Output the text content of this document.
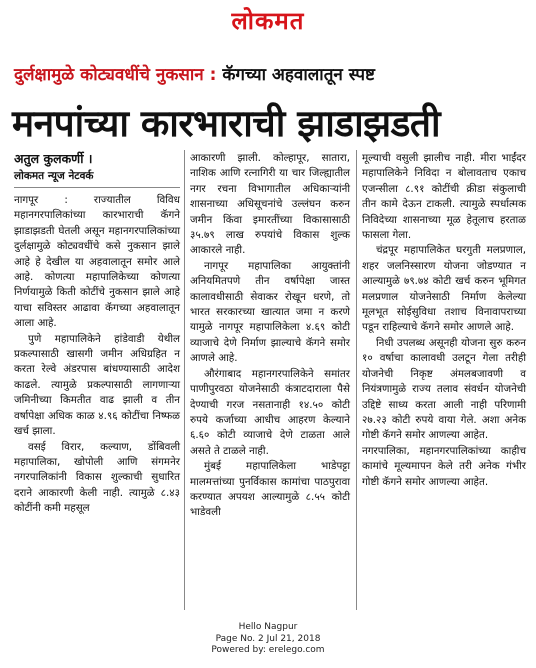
लोकमत
दुर्लक्षामुळे कोट्यवधींचे नुकसान : कॅगच्या अहवालातून स्पष्ट
मनपांच्या कारभाराची झाडाझडती
अतुल कुलकर्णी ।
लोकमत न्यूज नेटवर्क

नागपूर : राज्यातील विविध महानगरपालिकांच्या कारभाराची कॅगने झाडाझडती घेतली असून महानगरपालिकांच्या दुर्लक्षामुळे कोट्यवधींचे कसे नुकसान झाले आहे हे देखील या अहवालातून समोर आले आहे. कोणत्या महापालिकेच्या कोणत्या निर्णयामुळे किती कोटींचे नुकसान झाले आहे याचा सविस्तर आढावा कॅगच्या अहवालातून आला आहे.

पुणे महापालिकेने हांडेवाडी येथील प्रकल्पासाठी खासगी जमीन अधिग्रहित न करता रेल्वे अंडरपास बांधण्यासाठी आदेश काढले. त्यामुळे प्रकल्पासाठी लागणाऱ्या जमिनीच्या किमतीत वाढ झाली व तीन वर्षापेक्षा अधिक काळ ४.९६ कोटींचा निष्फळ खर्च झाला.

वसई विरार, कल्याण, डोंबिवली महापालिका, खोपोली आणि संगमनेर नगरपालिकांनी विकास शुल्काची सुधारित दराने आकारणी केली नाही. त्यामुळे ८.४३ कोटींनी कमी महसूल

आकारणी झाली. कोल्हापूर, सातारा, नाशिक आणि रत्नागिरी या चार जिल्ह्यातील नगर रचना विभागातील अधिकाऱ्यांनी शासनाच्या अधिसूचनांचे उल्लंघन करुन जमीन किंवा इमारतींच्या विकासासाठी ३५.७९ लाख रुपयांचे विकास शुल्क आकारले नाही.

नागपूर महापालिका आयुक्तांनी अनियमितपणे तीन वर्षापेक्षा जास्त कालावधीसाठी सेवाकर रोखून धरणे, तो भारत सरकारच्या खात्यात जमा न करणे यामुळे नागपूर महापालिकेला ४.६९ कोटी व्याजाचे देणे निर्माण झाल्याचे कॅगने समोर आणले आहे.

औरंगाबाद महानगरपालिकेने समांतर पाणीपुरवठा योजनेसाठी कंत्राटदाराला पैसे देण्याची गरज नसतानाही १४.५० कोटी रुपये कर्जाच्या आधीच आहरण केल्याने ६.६० कोटी व्याजाचे देणे टाळता आले असते ते टाळले नाही.

मुंबई महापालिकेला भाडेपट्टा मालमत्तांच्या पुनर्विकास कामांचा पाठपुरावा करण्यात अपयश आल्यामुळे ८.५५ कोटी भाडेवली

मूल्याची वसुली झालीच नाही. मीरा भाईंदर महापालिकेने निविदा न बोलावताच एकाच एजन्सीला ८.९१ कोटींची क्रीडा संकुलाची तीन कामे देऊन टाकली. त्यामुळे स्पर्धात्मक निविदेच्या शासनाच्या मूळ हेतूलाच हरताळ फासला गेला.

चंद्रपूर महापालिकेत घरगुती मलप्रणाल, शहर जलनिस्सारण योजना जोडण्यात न आल्यामुळे ७९.७४ कोटी खर्च करुन भूमिगत मलप्रणाल योजनेसाठी निर्माण केलेल्या मूलभूत सोईसुविधा तशाच विनावापराच्या पडून राहिल्याचे कॅगने समोर आणले आहे.

निधी उपलब्ध असूनही योजना सुरु करुन १० वर्षाचा कालावधी उलटून गेला तरीही योजनेची निकृष्ट अंमलबजावणी व नियंत्रणामुळे राज्य तलाव संवर्धन योजनेची उद्दिष्टे साध्य करता आली नाही परिणामी २७.२३ कोटी रुपये वाया गेले. अशा अनेक गोष्टी कॅगने समोर आणल्या आहेत.

नगरपालिका, महानगरपालिकांच्या काहीच कामांचे मूल्यमापन केले तरी अनेक गंभीर गोष्टी कॅगने समोर आणल्या आहेत.

Hello Nagpur
Page No. 2 Jul 21, 2018
Powered by: erelego.com
